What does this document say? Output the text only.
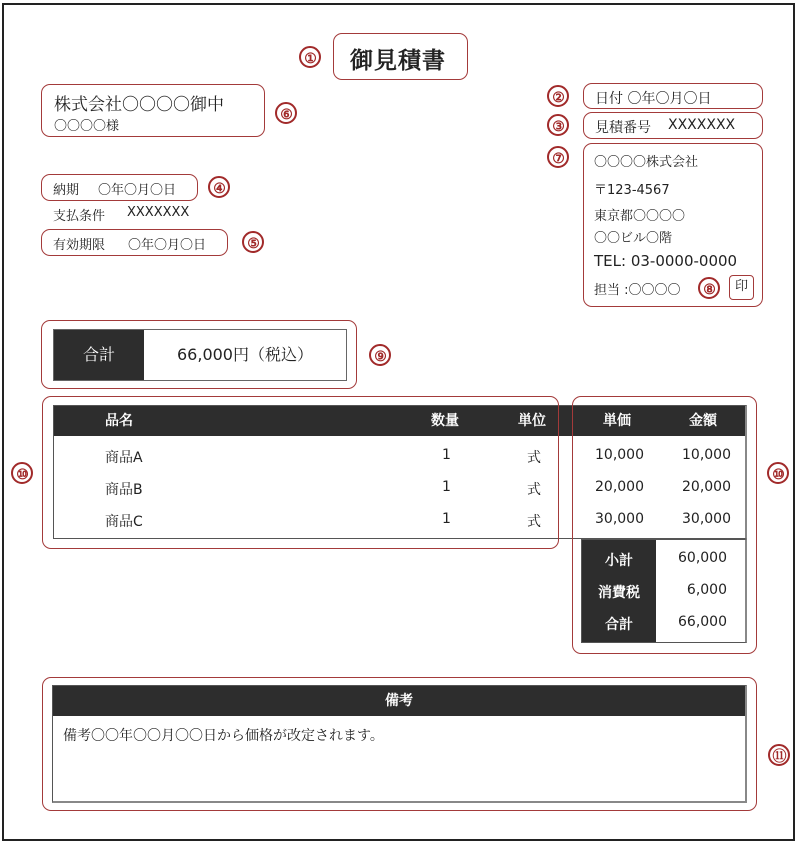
① 御見積書
株式会社〇〇〇〇御中
〇〇〇〇様
⑥
②	日付 〇年〇月〇日
③	見積番号 XXXXXXX
⑦	〇〇〇〇株式会社
〒123-4567
東京都〇〇〇〇
〇〇ビル〇階
TEL: 03-0000-0000
担当 :〇〇〇〇	⑧	印
納期 〇年〇月〇日	④
支払条件 XXXXXXX
有効期限 〇年〇月〇日	⑤
合計	66,000円（税込）	⑨
品名	数量	単位	単価	金額
商品A	1	式	10,000	10,000
商品B	1	式	20,000	20,000
商品C	1	式	30,000	30,000
小計	60,000
消費税	6,000
合計	66,000
⑩	⑩
備考
備考〇〇年〇〇月〇〇日から価格が改定されます。
⑪
